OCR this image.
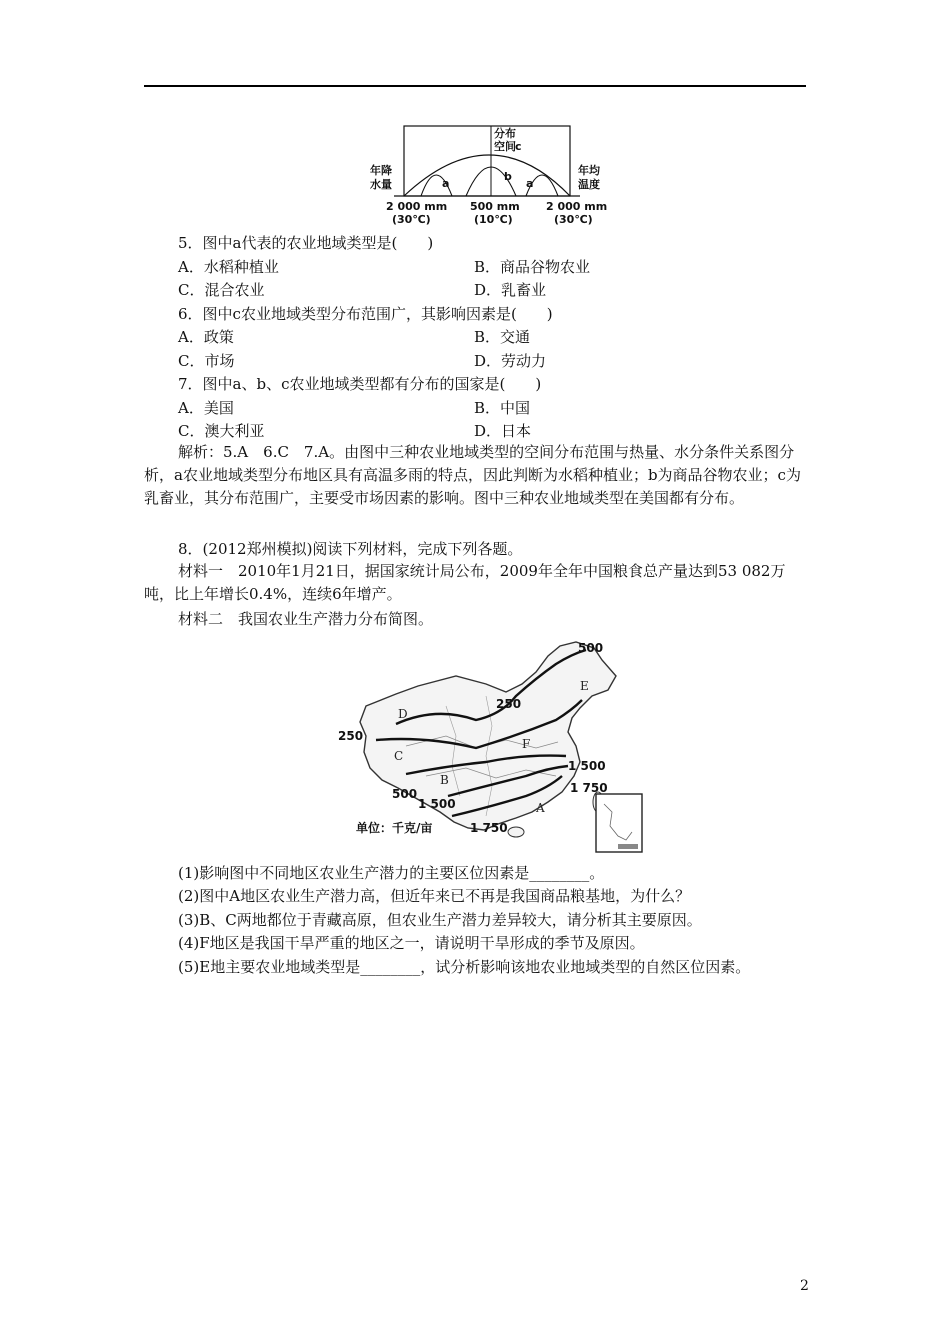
分布
空间 c
年降
水量
年均
温度
a
b
a
2 000 mm
(30℃)
500 mm
(10℃)
2 000 mm
(30℃)
5．图中a代表的农业地域类型是(　　)
A．水稻种植业	B．商品谷物农业
C．混合农业	D．乳畜业
6．图中c农业地域类型分布范围广，其影响因素是(　　)
A．政策	B．交通
C．市场	D．劳动力
7．图中a、b、c农业地域类型都有分布的国家是(　　)
A．美国	B．中国
C．澳大利亚	D．日本
解析：5.A　6.C　7.A。由图中三种农业地域类型的空间分布范围与热量、水分条件关系图分析，a农业地域类型分布地区具有高温多雨的特点，因此判断为水稻种植业；b为商品谷物农业；c为乳畜业，其分布范围广，主要受市场因素的影响。图中三种农业地域类型在美国都有分布。
8．(2012郑州模拟)阅读下列材料，完成下列各题。
材料一　2010年1月21日，据国家统计局公布，2009年全年中国粮食总产量达到53 082万吨，比上年增长0.4%，连续6年增产。
材料二　我国农业生产潜力分布简图。
500
250
250
500
1 500
1 750
1 500
1 750
A
B
C
D
E
F
单位：千克/亩
(1)影响图中不同地区农业生产潜力的主要区位因素是________。
(2)图中A地区农业生产潜力高，但近年来已不再是我国商品粮基地，为什么？
(3)B、C两地都位于青藏高原，但农业生产潜力差异较大，请分析其主要原因。
(4)F地区是我国干旱严重的地区之一，请说明干旱形成的季节及原因。
(5)E地主要农业地域类型是________，试分析影响该地农业地域类型的自然区位因素。
2
